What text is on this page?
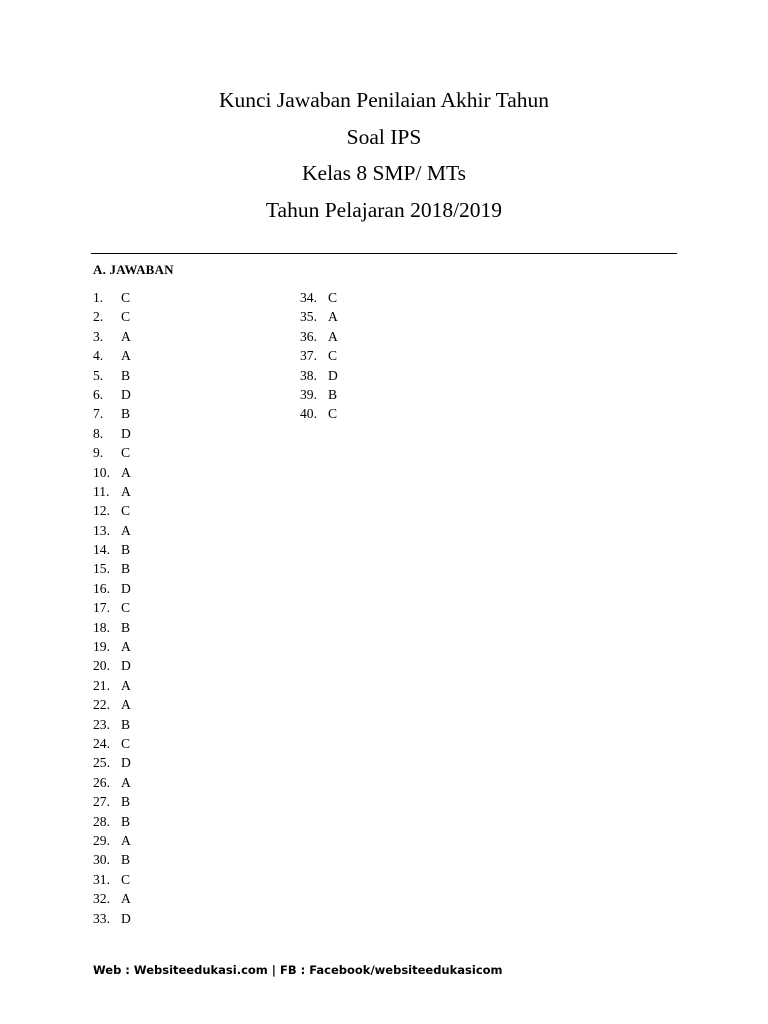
Kunci Jawaban Penilaian Akhir Tahun
Soal IPS
Kelas 8 SMP/ MTs
Tahun Pelajaran 2018/2019
A. JAWABAN
1. C
2. C
3. A
4. A
5. B
6. D
7. B
8. D
9. C
10. A
11. A
12. C
13. A
14. B
15. B
16. D
17. C
18. B
19. A
20. D
21. A
22. A
23. B
24. C
25. D
26. A
27. B
28. B
29. A
30. B
31. C
32. A
33. D
34. C
35. A
36. A
37. C
38. D
39. B
40. C
Web : Websiteedukasi.com | FB : Facebook/websiteedukasicom
